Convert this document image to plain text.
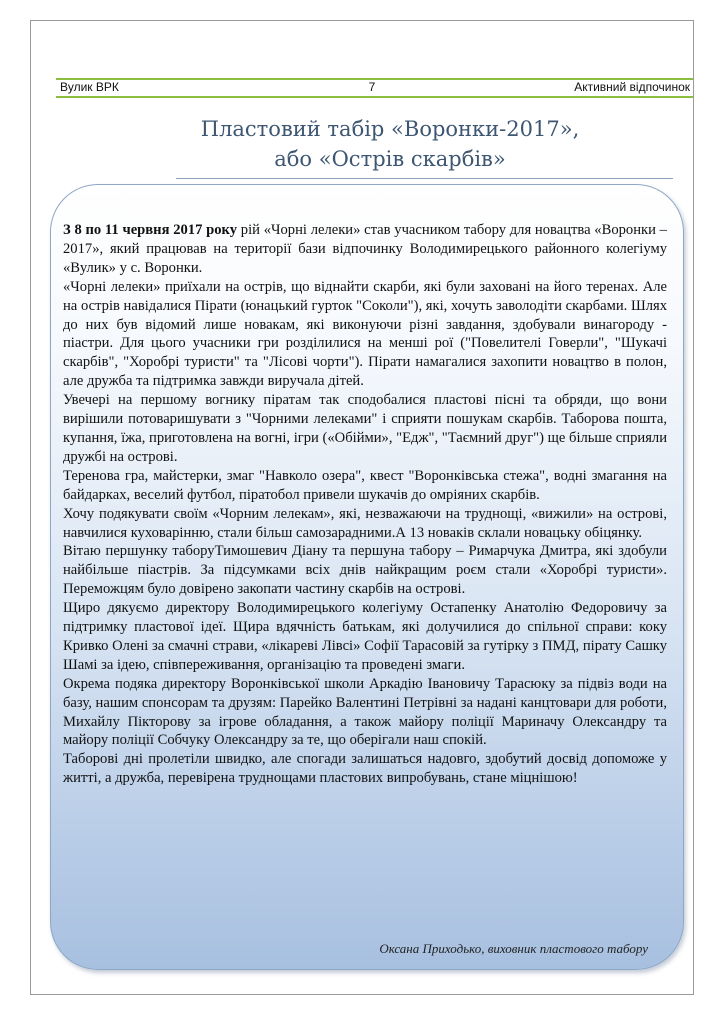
Вулик ВРК	7	Активний відпочинок
Пластовий табір «Воронки-2017»,
або «Острів скарбів»

З 8 по 11 червня 2017 року рій «Чорні лелеки» став учасником табору для новацтва «Воронки – 2017», який працював на території бази відпочинку Володимирецького районного колегіуму «Вулик» у с. Воронки.

«Чорні лелеки» приїхали на острів, що віднайти скарби, які були заховані на його теренах. Але на острів навідалися Пірати (юнацький гурток "Соколи"), які, хочуть заволодіти скарбами. Шлях до них був відомий лише новакам, які виконуючи різні завдання, здобували винагороду - піастри. Для цього учасники гри розділилися на менші рої ("Повелителі Говерли", "Шукачі скарбів", "Хоробрі туристи" та "Лісові чорти"). Пірати намагалися захопити новацтво в полон, але дружба та підтримка завжди виручала дітей.

Увечері на першому вогнику піратам так сподобалися пластові пісні та обряди, що вони вирішили потоваришувати з "Чорними лелеками" і сприяти пошукам скарбів. Таборова пошта, купання, їжа, приготовлена на вогні, ігри («Обійми», "Едж", "Таємний друг") ще більше сприяли дружбі на острові.

Теренова гра, майстерки, змаг "Навколо озера", квест "Воронківська стежа", водні змагання на байдарках, веселий футбол, піратобол привели шукачів до омріяних скарбів.

Хочу подякувати своїм «Чорним лелекам», які, незважаючи на труднощі, «вижили» на острові, навчилися куховарінню, стали більш самозарадними.А 13 новаків склали новацьку обіцянку.

Вітаю першунку таборуТимошевич Діану та першуна табору – Римарчука Дмитра, які здобули найбільше піастрів. За підсумками всіх днів найкращим роєм стали «Хоробрі туристи». Переможцям було довірено закопати частину скарбів на острові.

Щиро дякуємо директору Володимирецького колегіуму Остапенку Анатолію Федоровичу за підтримку пластової ідеї. Щира вдячність батькам, які долучилися до спільної справи: коку Кривко Олені за смачні страви, «лікареві Лівсі» Софії Тарасовій за гутірку з ПМД, пірату Сашку Шамі за ідею, співпереживання, організацію та проведені змаги.

Окрема подяка директору Воронківської школи Аркадію Івановичу Тарасюку за підвіз води на базу, нашим спонсорам та друзям: Парейко Валентині Петрівні за надані канцтовари для роботи, Михайлу Пікторову за ігрове обладання, а також майору поліції Мариначу Олександру та майору поліції Собчуку Олександру за те, що оберігали наш спокій.

Таборові дні пролетіли швидко, але спогади залишаться надовго, здобутий досвід допоможе у житті, а дружба, перевірена труднощами пластових випробувань, стане міцнішою!

Оксана Приходько, виховник пластового табору
